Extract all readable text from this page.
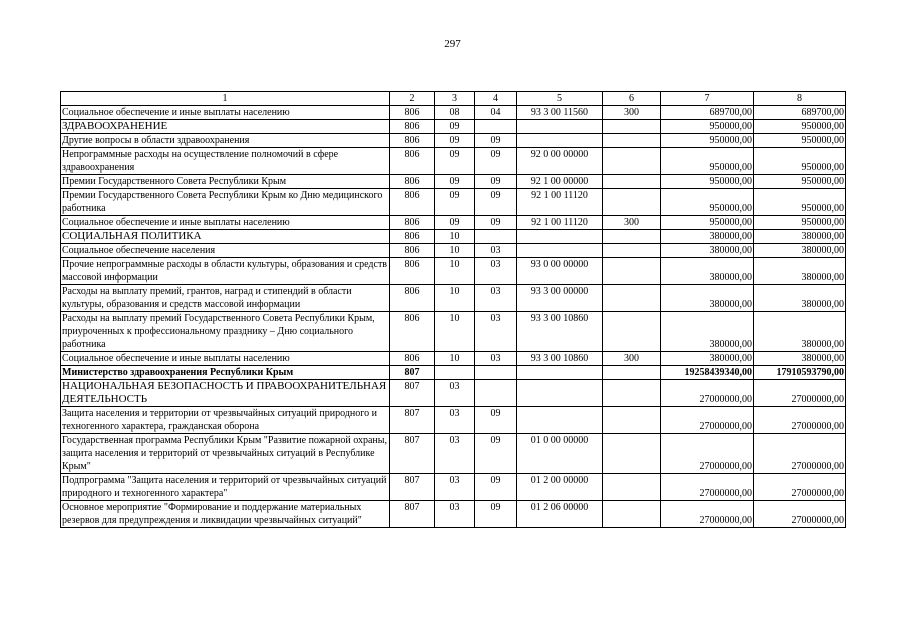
297
1	2	3	4	5	6	7	8
Социальное обеспечение и иные выплаты населению	806	08	04	93 3 00 11560	300	689700,00	689700,00
ЗДРАВООХРАНЕНИЕ	806	09				950000,00	950000,00
Другие вопросы в области здравоохранения	806	09	09			950000,00	950000,00
Непрограммные расходы на осуществление полномочий в сфере здравоохранения	806	09	09	92 0 00 00000		950000,00	950000,00
Премии Государственного Совета Республики Крым	806	09	09	92 1 00 00000		950000,00	950000,00
Премии Государственного Совета Республики Крым ко Дню медицинского работника	806	09	09	92 1 00 11120		950000,00	950000,00
Социальное обеспечение и иные выплаты населению	806	09	09	92 1 00 11120	300	950000,00	950000,00
СОЦИАЛЬНАЯ ПОЛИТИКА	806	10				380000,00	380000,00
Социальное обеспечение населения	806	10	03			380000,00	380000,00
Прочие непрограммные расходы в области культуры, образования и средств массовой информации	806	10	03	93 0 00 00000		380000,00	380000,00
Расходы на выплату премий, грантов, наград и стипендий в области культуры, образования и средств массовой информации	806	10	03	93 3 00 00000		380000,00	380000,00
Расходы на выплату премий Государственного Совета Республики Крым, приуроченных к профессиональному празднику – Дню социального работника	806	10	03	93 3 00 10860		380000,00	380000,00
Социальное обеспечение и иные выплаты населению	806	10	03	93 3 00 10860	300	380000,00	380000,00
Министерство здравоохранения Республики Крым	807					19258439340,00	17910593790,00
НАЦИОНАЛЬНАЯ БЕЗОПАСНОСТЬ И ПРАВООХРАНИТЕЛЬНАЯ ДЕЯТЕЛЬНОСТЬ	807	03				27000000,00	27000000,00
Защита населения и территории от чрезвычайных ситуаций природного и техногенного характера, гражданская оборона	807	03	09			27000000,00	27000000,00
Государственная программа Республики Крым "Развитие пожарной охраны, защита населения и территорий от чрезвычайных ситуаций в Республике Крым"	807	03	09	01 0 00 00000		27000000,00	27000000,00
Подпрограмма "Защита населения и территорий от чрезвычайных ситуаций природного и техногенного характера"	807	03	09	01 2 00 00000		27000000,00	27000000,00
Основное мероприятие "Формирование и поддержание материальных резервов для предупреждения и ликвидации чрезвычайных ситуаций"	807	03	09	01 2 06 00000		27000000,00	27000000,00
